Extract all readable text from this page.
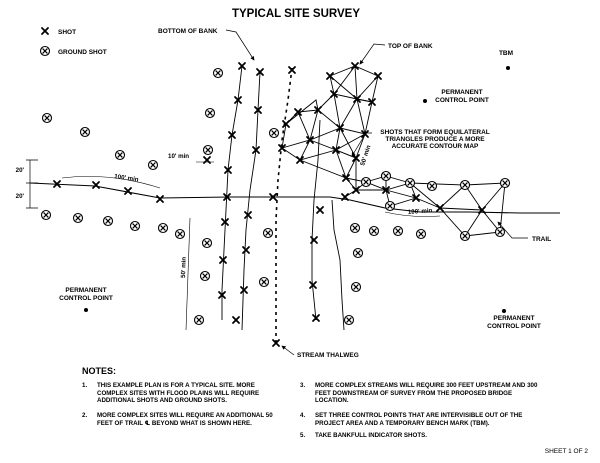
TYPICAL SITE SURVEY
SHOT
GROUND SHOT
BOTTOM OF BANK
TOP OF BANK
TBM
PERMANENT
CONTROL POINT
SHOTS THAT FORM EQUILATERAL
TRIANGLES PRODUCE A MORE
ACCURATE CONTOUR MAP
TRAIL
20'
20'
100' min
10' min
50' min
50' min
100' min
STREAM THALWEG
PERMANENT
CONTROL POINT
PERMANENT
CONTROL POINT
NOTES:
1.	THIS EXAMPLE PLAN IS FOR A TYPICAL SITE. MORE COMPLEX SITES WITH FLOOD PLAINS WILL REQUIRE ADDITIONAL SHOTS AND GROUND SHOTS.
2.	MORE COMPLEX SITES WILL REQUIRE AN ADDITIONAL 50 FEET OF TRAIL ℄ BEYOND WHAT IS SHOWN HERE.
3.	MORE COMPLEX STREAMS WILL REQUIRE 300 FEET UPSTREAM AND 300 FEET DOWNSTREAM OF SURVEY FROM THE PROPOSED BRIDGE LOCATION.
4.	SET THREE CONTROL POINTS THAT ARE INTERVISIBLE OUT OF THE PROJECT AREA AND A TEMPORARY BENCH MARK (TBM).
5.	TAKE BANKFULL INDICATOR SHOTS.
SHEET 1 OF 2
